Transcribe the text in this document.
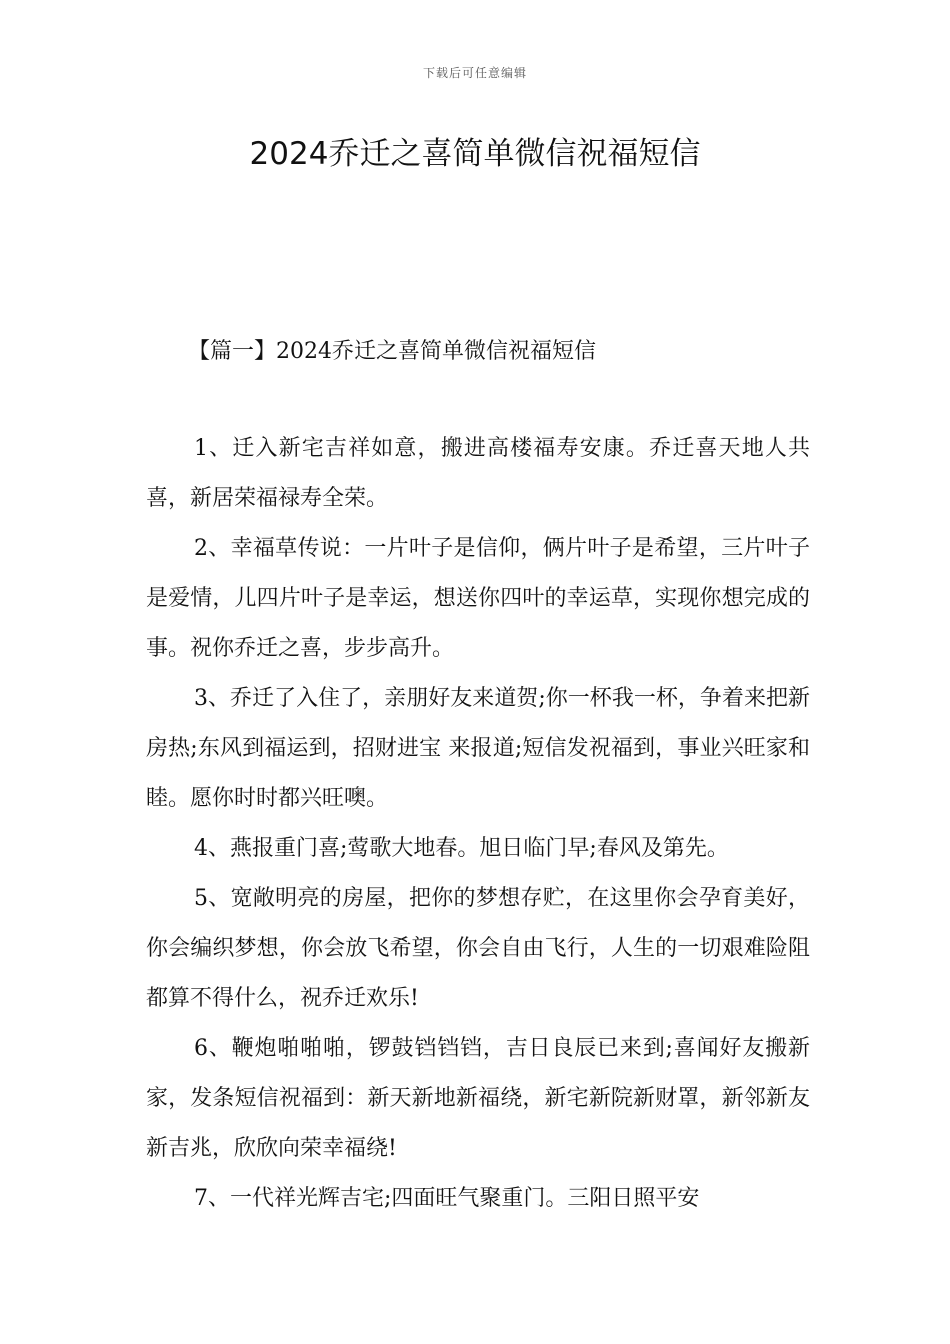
下载后可任意编辑
2024乔迁之喜简单微信祝福短信
【篇一】2024乔迁之喜简单微信祝福短信

1、迁入新宅吉祥如意，搬进高楼福寿安康。乔迁喜天地人共喜，新居荣福禄寿全荣。

2、幸福草传说：一片叶子是信仰，俩片叶子是希望，三片叶子是爱情，儿四片叶子是幸运，想送你四叶的幸运草，实现你想完成的事。祝你乔迁之喜，步步高升。

3、乔迁了入住了，亲朋好友来道贺;你一杯我一杯，争着来把新房热;东风到福运到，招财进宝 来报道;短信发祝福到，事业兴旺家和睦。愿你时时都兴旺噢。

4、燕报重门喜;莺歌大地春。旭日临门早;春风及第先。

5、宽敞明亮的房屋，把你的梦想存贮，在这里你会孕育美好，你会编织梦想，你会放飞希望，你会自由飞行，人生的一切艰难险阻都算不得什么，祝乔迁欢乐!

6、鞭炮啪啪啪，锣鼓铛铛铛，吉日良辰已来到;喜闻好友搬新家，发条短信祝福到：新天新地新福绕，新宅新院新财罩，新邻新友新吉兆，欣欣向荣幸福绕!

7、一代祥光辉吉宅;四面旺气聚重门。三阳日照平安
